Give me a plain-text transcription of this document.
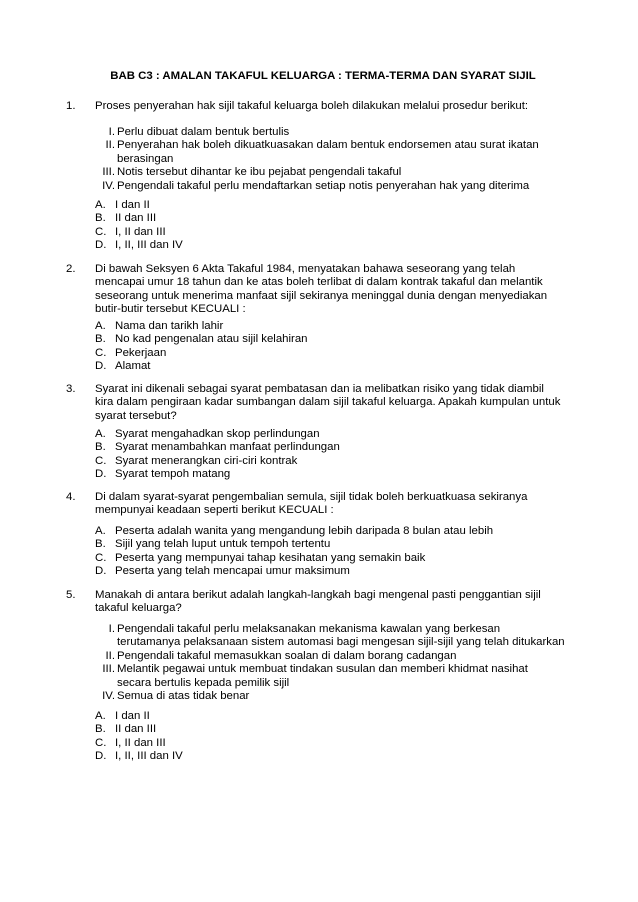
BAB C3 : AMALAN TAKAFUL KELUARGA : TERMA-TERMA DAN SYARAT SIJIL
1.	Proses penyerahan hak sijil takaful keluarga boleh dilakukan melalui prosedur berikut:
I. Perlu dibuat dalam bentuk bertulis
II. Penyerahan hak boleh dikuatkuasakan dalam bentuk endorsemen atau surat ikatan berasingan
III. Notis tersebut dihantar ke ibu pejabat pengendali takaful
IV. Pengendali takaful perlu mendaftarkan setiap notis penyerahan hak yang diterima
A. I dan II
B. II dan III
C. I, II dan III
D. I, II, III dan IV
2.	Di bawah Seksyen 6 Akta Takaful 1984, menyatakan bahawa seseorang yang telah mencapai umur 18 tahun dan ke atas boleh terlibat di dalam kontrak takaful dan melantik seseorang untuk menerima manfaat sijil sekiranya meninggal dunia dengan menyediakan butir-butir tersebut KECUALI :
A. Nama dan tarikh lahir
B. No kad pengenalan atau sijil kelahiran
C. Pekerjaan
D. Alamat
3.	Syarat ini dikenali sebagai syarat pembatasan dan ia melibatkan risiko yang tidak diambil kira dalam pengiraan kadar sumbangan dalam sijil takaful keluarga. Apakah kumpulan untuk syarat tersebut?
A. Syarat mengahadkan skop perlindungan
B. Syarat menambahkan manfaat perlindungan
C. Syarat menerangkan ciri-ciri kontrak
D. Syarat tempoh matang
4.	Di dalam syarat-syarat pengembalian semula, sijil tidak boleh berkuatkuasa sekiranya mempunyai keadaan seperti berikut KECUALI :
A. Peserta adalah wanita yang mengandung lebih daripada 8 bulan atau lebih
B. Sijil yang telah luput untuk tempoh tertentu
C. Peserta yang mempunyai tahap kesihatan yang semakin baik
D. Peserta yang telah mencapai umur maksimum
5.	Manakah di antara berikut adalah langkah-langkah bagi mengenal pasti penggantian sijil takaful keluarga?
I. Pengendali takaful perlu melaksanakan mekanisma kawalan yang berkesan terutamanya pelaksanaan sistem automasi bagi mengesan sijil-sijil yang telah ditukarkan
II. Pengendali takaful memasukkan soalan di dalam borang cadangan
III. Melantik pegawai untuk membuat tindakan susulan dan memberi khidmat nasihat secara bertulis kepada pemilik sijil
IV. Semua di atas tidak benar
A. I dan II
B. II dan III
C. I, II dan III
D. I, II, III dan IV
